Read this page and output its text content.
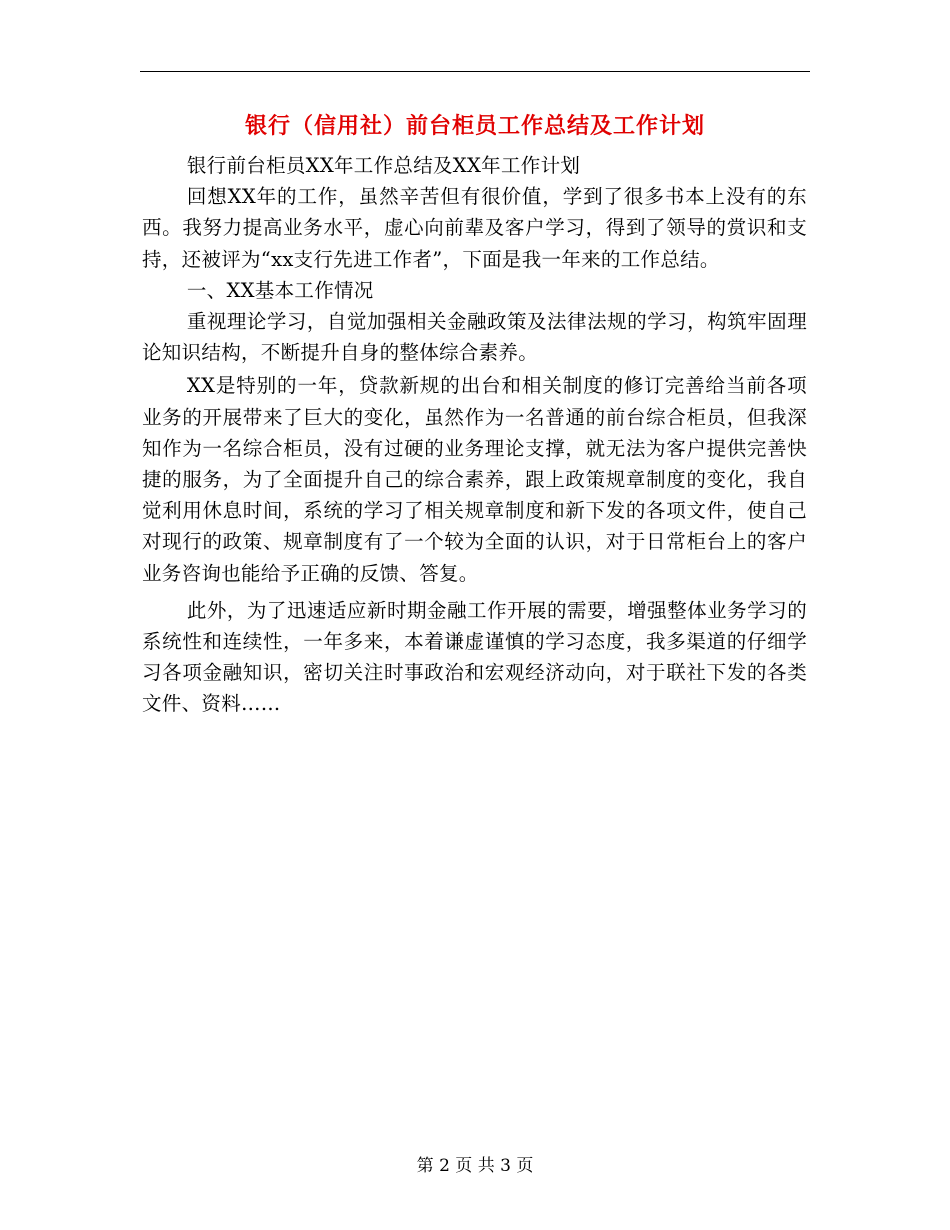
银行（信用社）前台柜员工作总结及工作计划

银行前台柜员XX年工作总结及XX年工作计划

回想XX年的工作，虽然辛苦但有很价值，学到了很多书本上没有的东西。我努力提高业务水平，虚心向前辈及客户学习，得到了领导的赏识和支持，还被评为“xx支行先进工作者”，下面是我一年来的工作总结。

一、XX基本工作情况

重视理论学习，自觉加强相关金融政策及法律法规的学习，构筑牢固理论知识结构，不断提升自身的整体综合素养。

XX是特别的一年，贷款新规的出台和相关制度的修订完善给当前各项业务的开展带来了巨大的变化，虽然作为一名普通的前台综合柜员，但我深知作为一名综合柜员，没有过硬的业务理论支撑，就无法为客户提供完善快捷的服务，为了全面提升自己的综合素养，跟上政策规章制度的变化，我自觉利用休息时间，系统的学习了相关规章制度和新下发的各项文件，使自己对现行的政策、规章制度有了一个较为全面的认识，对于日常柜台上的客户业务咨询也能给予正确的反馈、答复。

此外，为了迅速适应新时期金融工作开展的需要，增强整体业务学习的系统性和连续性，一年多来，本着谦虚谨慎的学习态度，我多渠道的仔细学习各项金融知识，密切关注时事政治和宏观经济动向，对于联社下发的各类文件、资料……

第 2 页 共 3 页
